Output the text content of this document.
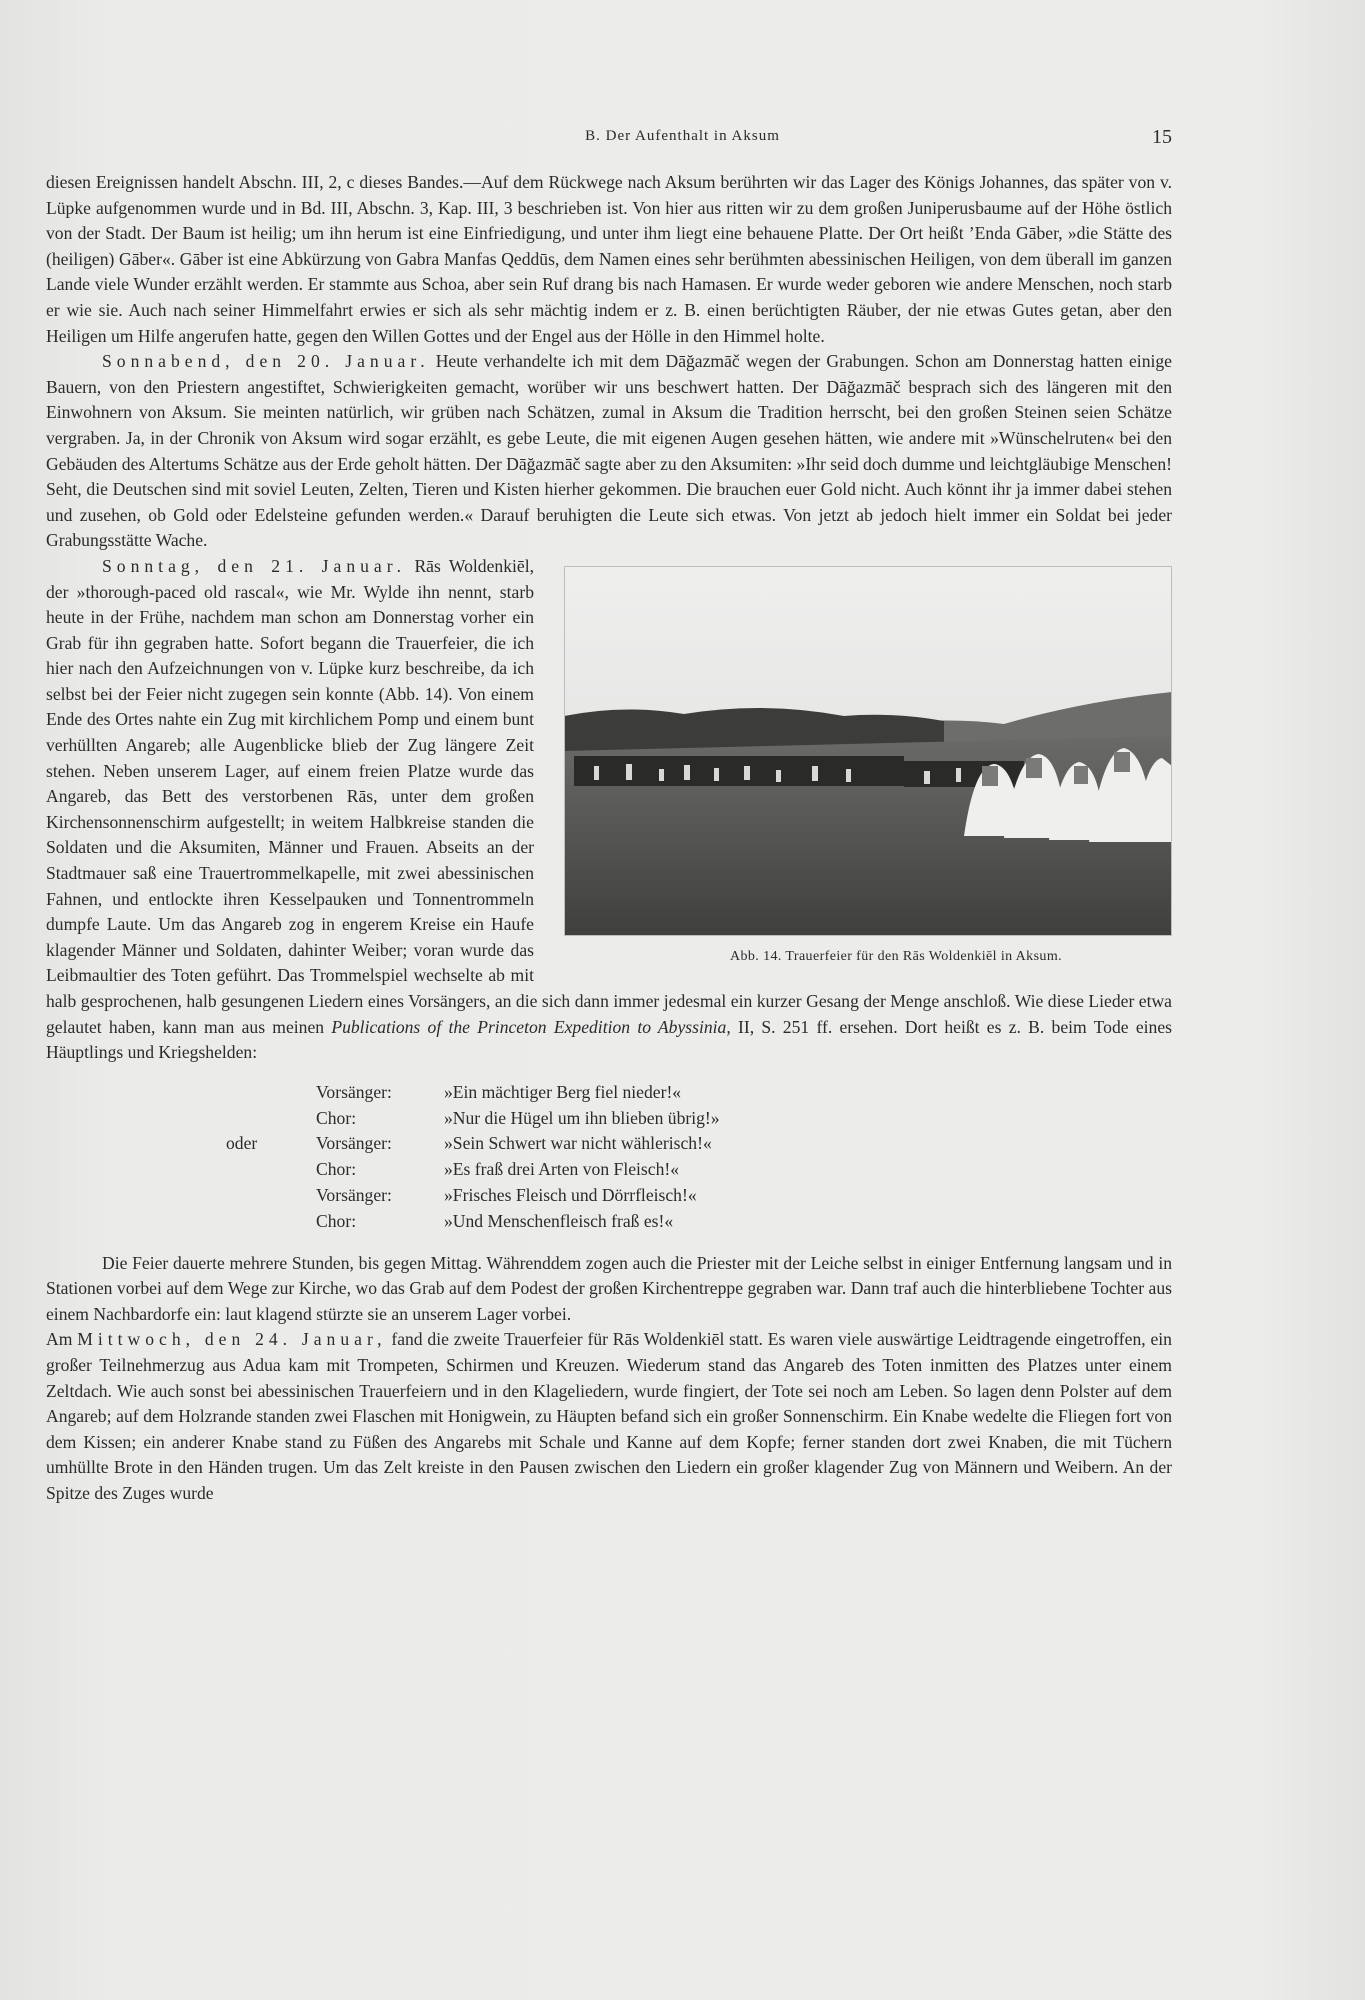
B. Der Aufenthalt in Aksum	15

diesen Ereignissen handelt Abschn. III, 2, c dieses Bandes.—Auf dem Rückwege nach Aksum berührten wir das Lager des Königs Johannes, das später von v. Lüpke aufgenommen wurde und in Bd. III, Abschn. 3, Kap. III, 3 beschrieben ist. Von hier aus ritten wir zu dem großen Juniperusbaume auf der Höhe östlich von der Stadt. Der Baum ist heilig; um ihn herum ist eine Einfriedigung, und unter ihm liegt eine behauene Platte. Der Ort heißt ’Enda Gāber, »die Stätte des (heiligen) Gāber«. Gāber ist eine Abkürzung von Gabra Manfas Qeddūs, dem Namen eines sehr berühmten abessinischen Heiligen, von dem überall im ganzen Lande viele Wunder erzählt werden. Er stammte aus Schoa, aber sein Ruf drang bis nach Hamasen. Er wurde weder geboren wie andere Menschen, noch starb er wie sie. Auch nach seiner Himmelfahrt erwies er sich als sehr mächtig indem er z. B. einen berüchtigten Räuber, der nie etwas Gutes getan, aber den Heiligen um Hilfe angerufen hatte, gegen den Willen Gottes und der Engel aus der Hölle in den Himmel holte.

Sonnabend, den 20. Januar. Heute verhandelte ich mit dem Dāğazmāč wegen der Grabungen. Schon am Donnerstag hatten einige Bauern, von den Priestern angestiftet, Schwierigkeiten gemacht, worüber wir uns beschwert hatten. Der Dāğazmāč besprach sich des längeren mit den Einwohnern von Aksum. Sie meinten natürlich, wir grüben nach Schätzen, zumal in Aksum die Tradition herrscht, bei den großen Steinen seien Schätze vergraben. Ja, in der Chronik von Aksum wird sogar erzählt, es gebe Leute, die mit eigenen Augen gesehen hätten, wie andere mit »Wünschelruten« bei den Gebäuden des Altertums Schätze aus der Erde geholt hätten. Der Dāğazmāč sagte aber zu den Aksumiten: »Ihr seid doch dumme und leichtgläubige Menschen! Seht, die Deutschen sind mit soviel Leuten, Zelten, Tieren und Kisten hierher gekommen. Die brauchen euer Gold nicht. Auch könnt ihr ja immer dabei stehen und zusehen, ob Gold oder Edelsteine gefunden werden.« Darauf beruhigten die Leute sich etwas. Von jetzt ab jedoch hielt immer ein Soldat bei jeder Grabungsstätte Wache.

Abb. 14. Trauerfeier für den Rās Woldenkiēl in Aksum.
Sonntag, den 21. Januar. Rās Woldenkiēl, der »thorough-paced old rascal«, wie Mr. Wylde ihn nennt, starb heute in der Frühe, nachdem man schon am Donnerstag vorher ein Grab für ihn gegraben hatte. Sofort begann die Trauerfeier, die ich hier nach den Aufzeichnungen von v. Lüpke kurz beschreibe, da ich selbst bei der Feier nicht zugegen sein konnte (Abb. 14). Von einem Ende des Ortes nahte ein Zug mit kirchlichem Pomp und einem bunt verhüllten Angareb; alle Augenblicke blieb der Zug längere Zeit stehen. Neben unserem Lager, auf einem freien Platze wurde das Angareb, das Bett des verstorbenen Rās, unter dem großen Kirchensonnenschirm aufgestellt; in weitem Halbkreise standen die Soldaten und die Aksumiten, Männer und Frauen. Abseits an der Stadtmauer saß eine Trauertrommelkapelle, mit zwei abessinischen Fahnen, und entlockte ihren Kesselpauken und Tonnentrommeln dumpfe Laute. Um das Angareb zog in engerem Kreise ein Haufe klagender Männer und Soldaten, dahinter Weiber; voran wurde das Leibmaultier des Toten geführt. Das Trommelspiel wechselte ab mit halb gesprochenen, halb gesungenen Liedern eines Vorsängers, an die sich dann immer jedesmal ein kurzer Gesang der Menge anschloß. Wie diese Lieder etwa gelautet haben, kann man aus meinen Publications of the Princeton Expedition to Abyssinia, II, S. 251 ff. ersehen. Dort heißt es z. B. beim Tode eines Häuptlings und Kriegshelden:

Vorsänger:	»Ein mächtiger Berg fiel nieder!«
Chor:	»Nur die Hügel um ihn blieben übrig!»
oder	Vorsänger:	»Sein Schwert war nicht wählerisch!«
Chor:	»Es fraß drei Arten von Fleisch!«
Vorsänger:	»Frisches Fleisch und Dörrfleisch!«
Chor:	»Und Menschenfleisch fraß es!«

Die Feier dauerte mehrere Stunden, bis gegen Mittag. Währenddem zogen auch die Priester mit der Leiche selbst in einiger Entfernung langsam und in Stationen vorbei auf dem Wege zur Kirche, wo das Grab auf dem Podest der großen Kirchentreppe gegraben war. Dann traf auch die hinterbliebene Tochter aus einem Nachbardorfe ein: laut klagend stürzte sie an unserem Lager vorbei.

Am Mittwoch, den 24. Januar, fand die zweite Trauerfeier für Rās Woldenkiēl statt. Es waren viele auswärtige Leidtragende eingetroffen, ein großer Teilnehmerzug aus Adua kam mit Trompeten, Schirmen und Kreuzen. Wiederum stand das Angareb des Toten inmitten des Platzes unter einem Zeltdach. Wie auch sonst bei abessinischen Trauerfeiern und in den Klageliedern, wurde fingiert, der Tote sei noch am Leben. So lagen denn Polster auf dem Angareb; auf dem Holzrande standen zwei Flaschen mit Honigwein, zu Häupten befand sich ein großer Sonnenschirm. Ein Knabe wedelte die Fliegen fort von dem Kissen; ein anderer Knabe stand zu Füßen des Angarebs mit Schale und Kanne auf dem Kopfe; ferner standen dort zwei Knaben, die mit Tüchern umhüllte Brote in den Händen trugen. Um das Zelt kreiste in den Pausen zwischen den Liedern ein großer klagender Zug von Männern und Weibern. An der Spitze des Zuges wurde
